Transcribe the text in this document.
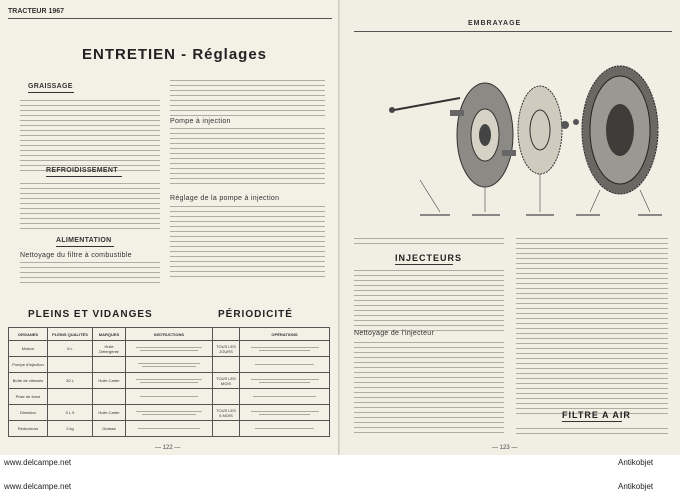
TRACTEUR 1967
ENTRETIEN - Réglages
GRAISSAGE
REFROIDISSEMENT
ALIMENTATION
Nettoyage du filtre à combustible
Pompe à injection
Réglage de la pompe à injection
PLEINS ET VIDANGES	PÉRIODICITÉ
ORGANES	PLEINS QUALITÉS	MARQUES	INSTRUCTIONS		OPÉRATIONS
Moteur	6 L	Huile Détergente		TOUS LES JOURS	

Pompe d'injection			

Boîte de vitesses	30 L	Huile Carter		TOUS LES MOIS	

Prise de force			

Direction	0 L 5	Huile Carter		TOUS LES 6 MOIS	

Réducteurs	2 kg	Graisse	

— 122 —
EMBRAYAGE
INJECTEURS
Nettoyage de l'injecteur
FILTRE A AIR
— 123 —
www.delcampe.net
www.delcampe.net
Antikobjet
Antikobjet
